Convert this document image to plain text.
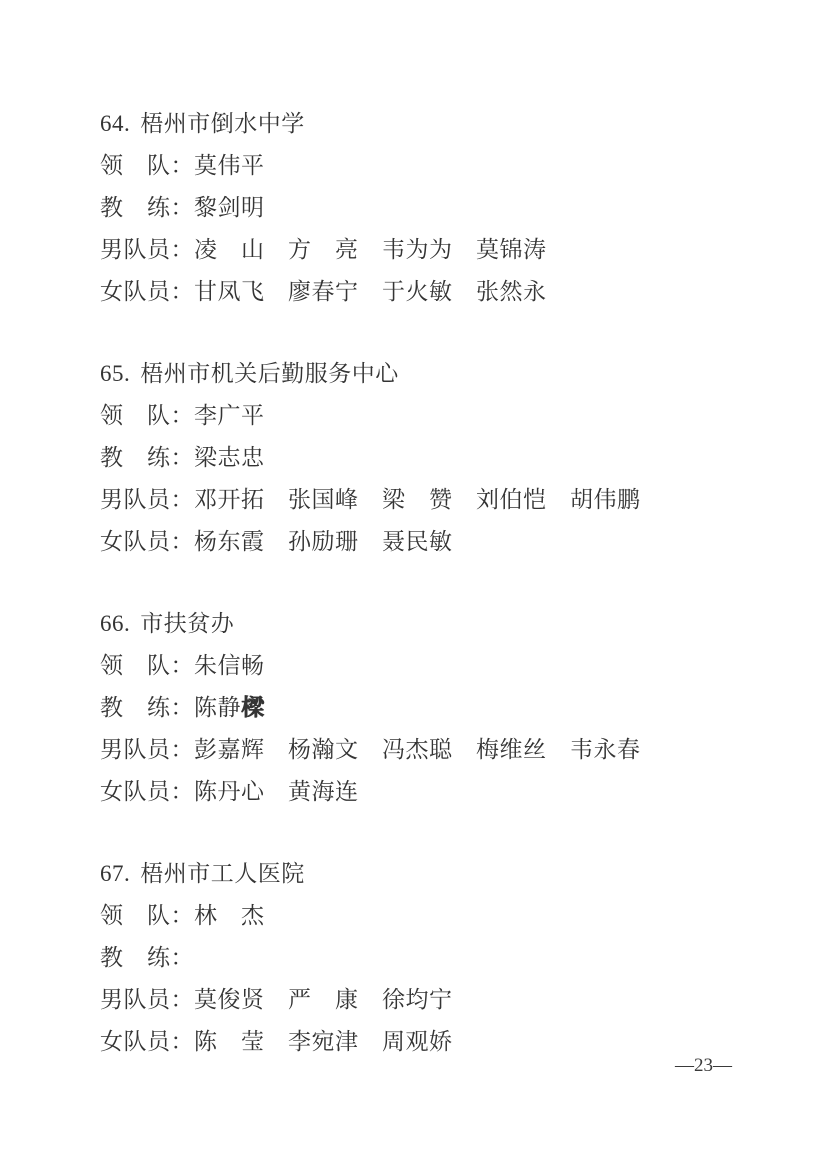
64. 梧州市倒水中学

领　队：莫伟平

教　练：黎剑明

男队员：凌　山　方　亮　韦为为　莫锦涛

女队员：甘凤飞　廖春宁　于火敏　张然永

65. 梧州市机关后勤服务中心

领　队：李广平

教　练：梁志忠

男队员：邓开拓　张国峰　梁　赞　刘伯恺　胡伟鹏

女队员：杨东霞　孙励珊　聂民敏

66. 市扶贫办

领　队：朱信畅

教　练：陈静樑

男队员：彭嘉辉　杨瀚文　冯杰聪　梅维丝　韦永春

女队员：陈丹心　黄海连

67. 梧州市工人医院

领　队：林　杰

教　练：

男队员：莫俊贤　严　康　徐均宁

女队员：陈　莹　李宛津　周观娇

—23—
